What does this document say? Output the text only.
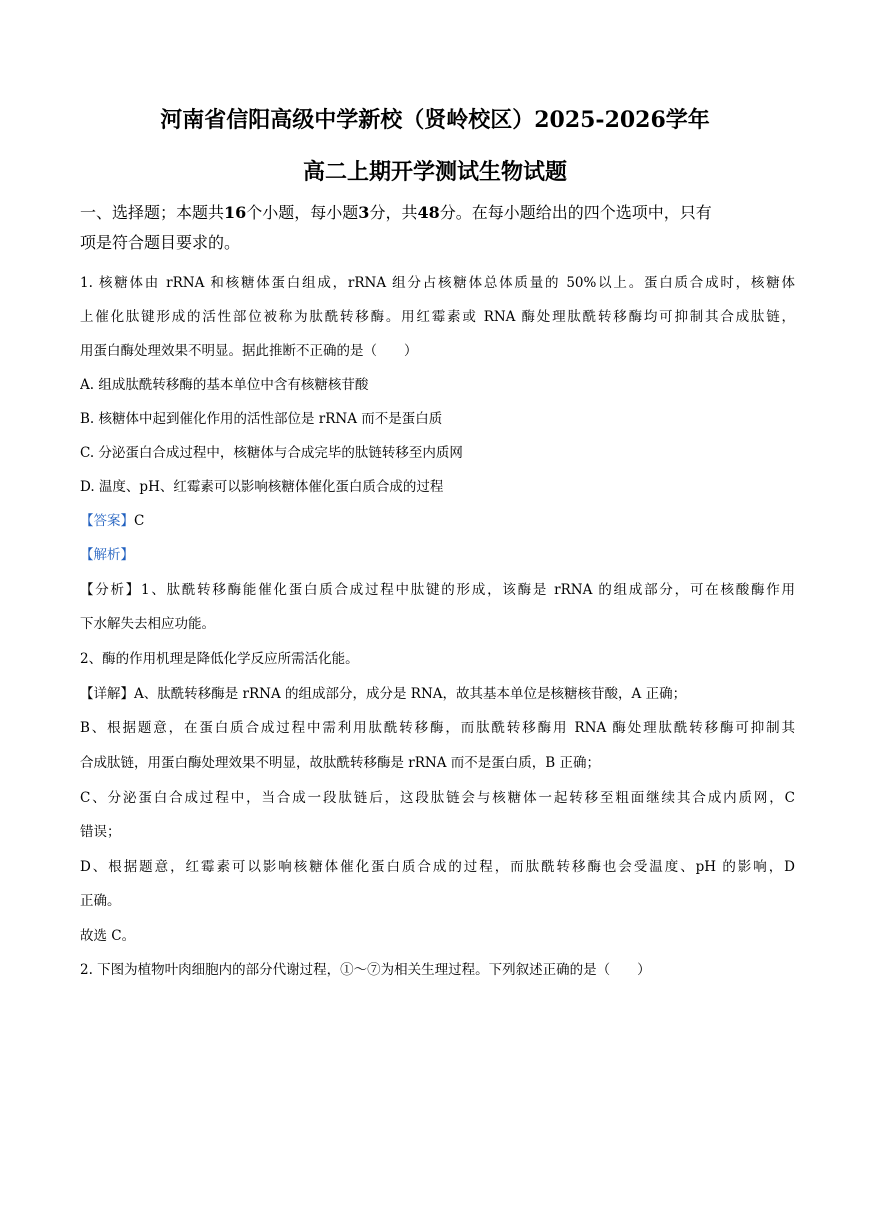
河南省信阳高级中学新校（贤岭校区）2025-2026学年
高二上期开学测试生物试题
一、选择题；本题共16个小题，每小题3分，共48分。在每小题给出的四个选项中，只有
项是符合题目要求的。
1. 核糖体由 rRNA 和核糖体蛋白组成，rRNA 组分占核糖体总体质量的 50%以上。蛋白质合成时，核糖体
上催化肽键形成的活性部位被称为肽酰转移酶。用红霉素或 RNA 酶处理肽酰转移酶均可抑制其合成肽链，
用蛋白酶处理效果不明显。据此推断不正确的是（　　）
A. 组成肽酰转移酶的基本单位中含有核糖核苷酸
B. 核糖体中起到催化作用的活性部位是 rRNA 而不是蛋白质
C. 分泌蛋白合成过程中，核糖体与合成完毕的肽链转移至内质网
D. 温度、pH、红霉素可以影响核糖体催化蛋白质合成的过程
【答案】C
【解析】
【分析】1、肽酰转移酶能催化蛋白质合成过程中肽键的形成，该酶是 rRNA 的组成部分，可在核酸酶作用
下水解失去相应功能。
2、酶的作用机理是降低化学反应所需活化能。
【详解】A、肽酰转移酶是 rRNA 的组成部分，成分是 RNA，故其基本单位是核糖核苷酸，A 正确；
B、根据题意，在蛋白质合成过程中需利用肽酰转移酶，而肽酰转移酶用 RNA 酶处理肽酰转移酶可抑制其
合成肽链，用蛋白酶处理效果不明显，故肽酰转移酶是 rRNA 而不是蛋白质，B 正确；
C、分泌蛋白合成过程中，当合成一段肽链后，这段肽链会与核糖体一起转移至粗面继续其合成内质网，C
错误；
D、根据题意，红霉素可以影响核糖体催化蛋白质合成的过程，而肽酰转移酶也会受温度、pH 的影响，D
正确。
故选 C。
2. 下图为植物叶肉细胞内的部分代谢过程，①～⑦为相关生理过程。下列叙述正确的是（　　）
